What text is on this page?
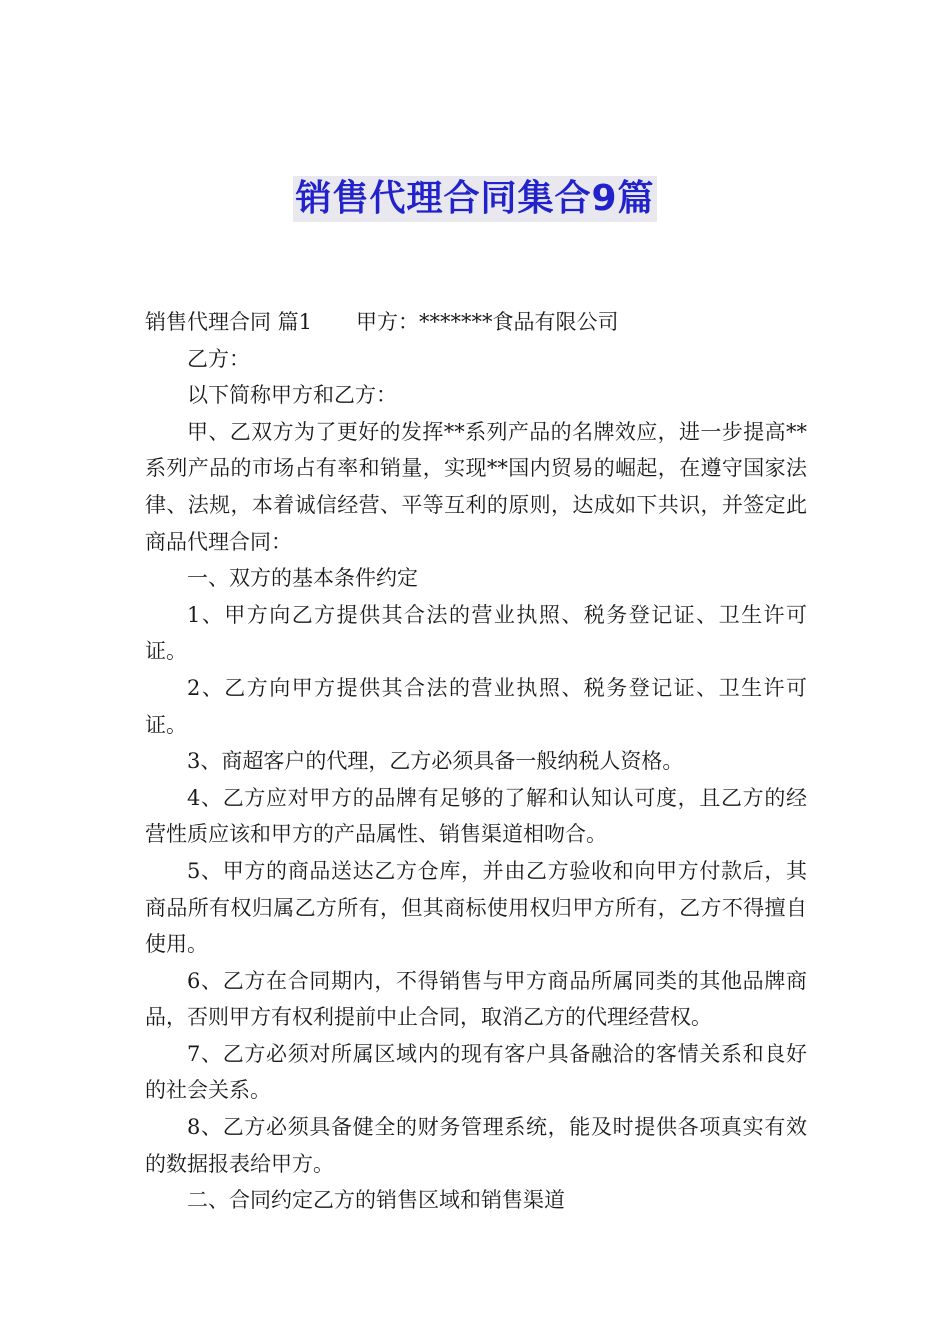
销售代理合同集合9篇

销售代理合同 篇1 甲方：*******食品有限公司

乙方：

以下简称甲方和乙方：

甲、乙双方为了更好的发挥**系列产品的名牌效应，进一步提高**系列产品的市场占有率和销量，实现**国内贸易的崛起，在遵守国家法律、法规，本着诚信经营、平等互利的原则，达成如下共识，并签定此商品代理合同：

一、双方的基本条件约定

1、甲方向乙方提供其合法的营业执照、税务登记证、卫生许可证。

2、乙方向甲方提供其合法的营业执照、税务登记证、卫生许可证。

3、商超客户的代理，乙方必须具备一般纳税人资格。

4、乙方应对甲方的品牌有足够的了解和认知认可度，且乙方的经营性质应该和甲方的产品属性、销售渠道相吻合。

5、甲方的商品送达乙方仓库，并由乙方验收和向甲方付款后，其商品所有权归属乙方所有，但其商标使用权归甲方所有，乙方不得擅自使用。

6、乙方在合同期内，不得销售与甲方商品所属同类的其他品牌商品，否则甲方有权利提前中止合同，取消乙方的代理经营权。

7、乙方必须对所属区域内的现有客户具备融洽的客情关系和良好的社会关系。

8、乙方必须具备健全的财务管理系统，能及时提供各项真实有效的数据报表给甲方。

二、合同约定乙方的销售区域和销售渠道
